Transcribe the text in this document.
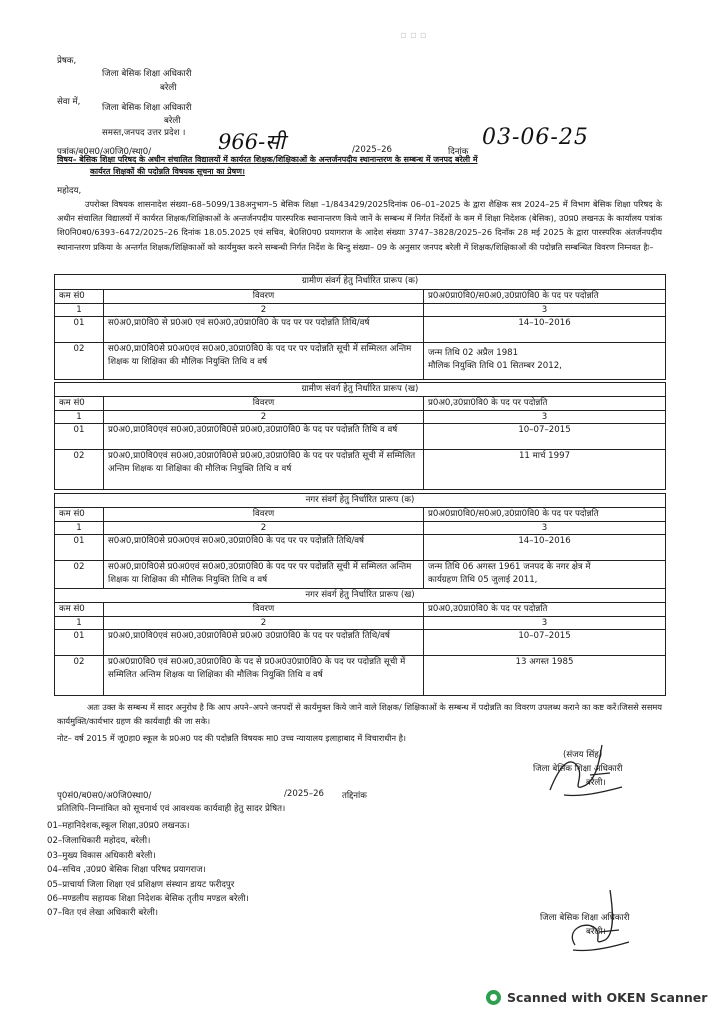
▫ ▫ ▫
प्रेषक,
जिला बेसिक शिक्षा अधिकारी
बरेली
सेवा में,
जिला बेसिक शिक्षा अधिकारी
बरेली
समस्त,जनपद उत्तर प्रदेश ।
पत्रांक/ब0स0/अ0जि0/स्था0/	966-सी	/2025–26	दिनांक
03-06-25
विषय– बेसिक शिक्षा परिषद के अधीन संचालित विद्यालयों में कार्यरत शिक्षक/शिक्षिकाओं के अन्तर्जनपदीय स्थानान्तरण के सम्बन्ध में जनपद बरेली में
कार्यरत शिक्षकों की पदोन्नति विषयक सूचना का प्रेषण।
महोदय,
उपरोक्त विषयक शासनादेश संख्या–68–5099/138अनुभाग–5 बेसिक शिक्षा –1/843429/2025दिनांक 06–01–2025 के द्वारा शैक्षिक सत्र 2024–25 में विभाग बेसिक शिक्षा परिषद के अधीन संचालित विद्यालयों में कार्यरत शिक्षक/शिक्षिकाओं के अन्तर्जनपदीय पारस्परिक स्थानान्तरण किये जानें के सम्बन्ध में निर्गत निर्देशों के कम में शिक्षा निदेशक (बेसिक), उ0प्र0 लखनऊ के कार्यालय पत्रांक शि0नि0ब0/6393–6472/2025–26 दिनांक 18.05.2025 एवं सचिव, बे0शि0प0 प्रयागराज के आदेश संख्याः 3747–3828/2025–26 दिनाँक 28 मई 2025 के द्वारा पारस्परिक अंतर्जनपदीय स्थानान्तरण प्रकिया के अन्तर्गत शिक्षक/शिक्षिकाओं को कार्यमुक्त करने सम्बन्धी निर्गत निर्देश के बिन्दु संख्या– 09 के अनुसार जनपद बरेली में शिक्षक/शिक्षिकाओं की पदोन्नति सम्बन्धित विवरण निम्नवत हैः–
ग्रामीण संवर्ग हेतु निर्धारित प्रारूप (क)		
कम सं0	विवरण	प्र0अ0प्रा0वि0/स0अ0,उ0प्रा0वि0 के पद पर पदोन्नति
1	2	3
01	स0अ0,प्रा0वि0 से प्र0अ0 एवं स0अ0,उ0प्रा0वि0 के पद पर पर पदोन्नति तिथि/वर्ष	14–10–2016
02	स0अ0,प्रा0वि0से प्र0अ0एवं स0अ0,उ0प्रा0वि0 के पद पर पर पदोन्नति सूची में सम्मिलत अन्तिम शिक्षक या शिक्षिका की मौलिक नियुक्ति तिथि व वर्ष	जन्म तिथि 02 अप्रैल 1981
मौलिक नियुक्ति तिथि 01 सितम्बर 2012,
ग्रामीण संवर्ग हेतु निर्धारित प्रारूप (ख)		
कम सं0	विवरण	प्र0अ0,उ0प्रा0वि0 के पद पर पदोन्नति
1	2	3
01	प्र0अ0,प्रा0वि0एवं स0अ0,उ0प्रा0वि0से प्र0अ0,उ0प्रा0वि0 के पद पर पदोन्नति तिथि व वर्ष	10–07–2015
02	प्र0अ0,प्रा0वि0एवं स0अ0,उ0प्रा0वि0से प्र0अ0,उ0प्रा0वि0 के पद पर पदोन्नति सूची में सम्मिलित अन्तिम शिक्षक या शिक्षिका की मौलिक नियुक्ति तिथि व वर्ष	11 मार्च 1997
नगर संवर्ग हेतु निर्धारित प्रारूप (क)		
कम सं0	विवरण	प्र0अ0प्रा0वि0/स0अ0,उ0प्रा0वि0 के पद पर पदोन्नति
1	2	3
01	स0अ0,प्रा0वि0से प्र0अ0एवं स0अ0,उ0प्रा0वि0 के पद पर पर पदोन्नति तिथि/वर्ष	14–10–2016
02	स0अ0,प्रा0वि0से प्र0अ0एवं स0अ0,उ0प्रा0वि0 के पद पर पर पदोन्नति सूची में सम्मिलत अन्तिम शिक्षक या शिक्षिका की मौलिक नियुक्ति तिथि व वर्ष	जन्म तिथि 06 अगस्त 1961 जनपद के नगर क्षेत्र में
कार्यग्रहण तिथि 05 जुलाई 2011,
नगर संवर्ग हेतु निर्धारित प्रारूप (ख)		
कम सं0	विवरण	प्र0अ0,उ0प्रा0वि0 के पद पर पदोन्नति
1	2	3
01	प्र0अ0,प्रा0वि0एवं स0अ0,उ0प्रा0वि0से प्र0अ0 उ0प्रा0वि0 के पद पर पदोन्नति तिथि/वर्ष	10–07–2015
02	प्र0अ0प्रा0वि0 एवं स0अ0,उ0प्रा0वि0 के पद से प्र0अ0उ0प्रा0वि0 के पद पर पदोन्नति सूची में सम्मिलित अन्तिम शिक्षक या शिक्षिका की मौलिक नियुक्ति तिथि व वर्ष	13 अगस्त 1985
अतः उक्त के सम्बन्ध में सादर अनुरोध है कि आप अपने–अपने जनपदों से कार्यमुक्त किये जाने वाले शिक्षक/ शिक्षिकाओं के सम्बन्ध में पदोन्नति का विवरण उपलब्ध कराने का कष्ट करें।जिससे ससमय कार्यमुक्ति/कार्यभार ग्रहण की कार्यवाही की जा सके।
नोट– वर्ष 2015 में जू0हा0 स्कूल के प्र0अ0 पद की पदोन्नति विषयक मा0 उच्च न्यायालय इलाहाबाद में विचाराधीन है।
(संजय सिंह)
जिला बेसिक शिक्षा अधिकारी
बरेली।
पृ0सं0/ब0स0/अ0जि0स्था0/	/2025–26 तद्दिनांक
प्रतिलिपि–निम्नांकित को सूचनार्थ एवं आवश्यक कार्यवाही हेतु सादर प्रेषित।
01–महानिदेशक,स्कूल शिक्षा,उ0प्र0 लखनऊ।
02–जिलाधिकारी महोदय, बरेली।
03–मुख्य विकास अधिकारी बरेली।
04–सचिव ,उ0प्र0 बेसिक शिक्षा परिषद प्रयागराज।
05–प्राचार्या जिला शिक्षा एवं प्रशिक्षण संस्थान डायट फरीदपुर
06–मण्डलीय सहायक शिक्षा निदेशक बेसिक तृतीय मण्डल बरेली।
07–वित एवं लेखा अधिकारी बरेली।	जिला बेसिक शिक्षा अधिकारी
बरेली।
Scanned with OKEN Scanner
